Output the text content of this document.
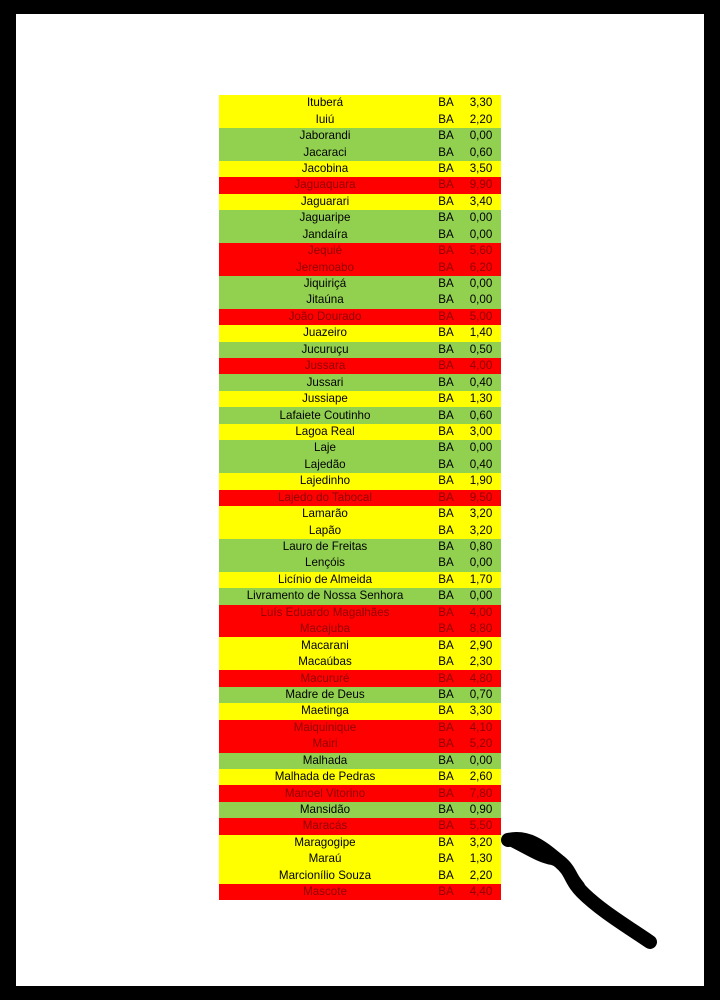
Ituberá	BA	3,30
Iuiú	BA	2,20
Jaborandi	BA	0,00
Jacaraci	BA	0,60
Jacobina	BA	3,50
Jaguaquara	BA	9,90
Jaguarari	BA	3,40
Jaguaripe	BA	0,00
Jandaíra	BA	0,00
Jequié	BA	5,60
Jeremoabo	BA	6,20
Jiquiriçá	BA	0,00
Jitaúna	BA	0,00
João Dourado	BA	5,00
Juazeiro	BA	1,40
Jucuruçu	BA	0,50
Jussara	BA	4,00
Jussari	BA	0,40
Jussiape	BA	1,30
Lafaiete Coutinho	BA	0,60
Lagoa Real	BA	3,00
Laje	BA	0,00
Lajedão	BA	0,40
Lajedinho	BA	1,90
Lajedo do Tabocal	BA	9,50
Lamarão	BA	3,20
Lapão	BA	3,20
Lauro de Freitas	BA	0,80
Lençóis	BA	0,00
Licínio de Almeida	BA	1,70
Livramento de Nossa Senhora	BA	0,00
Luís Eduardo Magalhães	BA	4,00
Macajuba	BA	8,80
Macarani	BA	2,90
Macaúbas	BA	2,30
Macururé	BA	4,80
Madre de Deus	BA	0,70
Maetinga	BA	3,30
Maiquinique	BA	4,10
Mairi	BA	5,20
Malhada	BA	0,00
Malhada de Pedras	BA	2,60
Manoel Vitorino	BA	7,80
Mansidão	BA	0,90
Maracás	BA	5,50
Maragogipe	BA	3,20
Maraú	BA	1,30
Marcionílio Souza	BA	2,20
Mascote	BA	4,40
